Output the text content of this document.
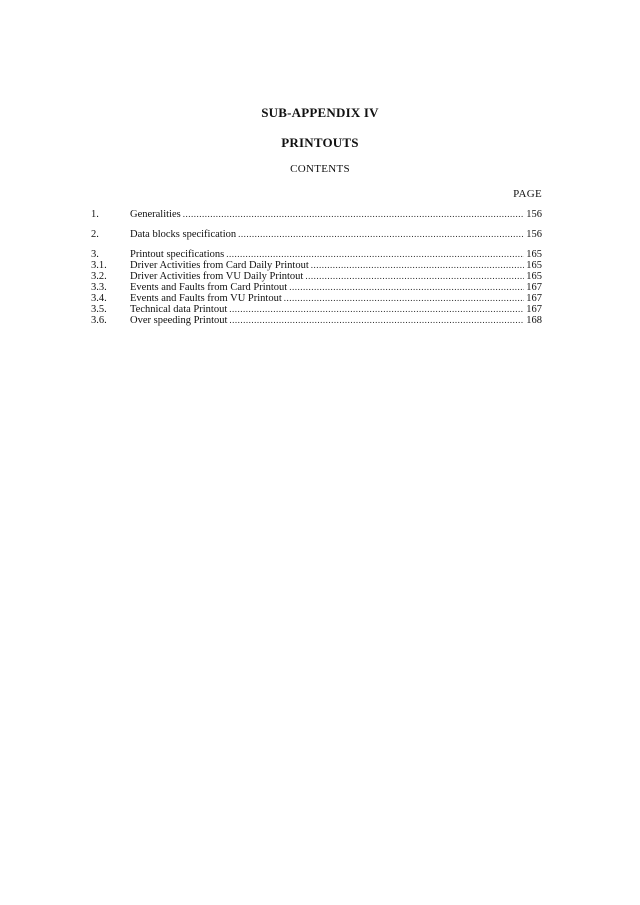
SUB-APPENDIX IV
PRINTOUTS
CONTENTS
PAGE
1.	Generalities .....	156
2.	Data blocks specification .....	156
3.	Printout specifications .....	165
3.1.	Driver Activities from Card Daily Printout .....	165
3.2.	Driver Activities from VU Daily Printout .....	165
3.3.	Events and Faults from Card Printout .....	167
3.4.	Events and Faults from VU Printout .....	167
3.5.	Technical data Printout .....	167
3.6.	Over speeding Printout .....	168
